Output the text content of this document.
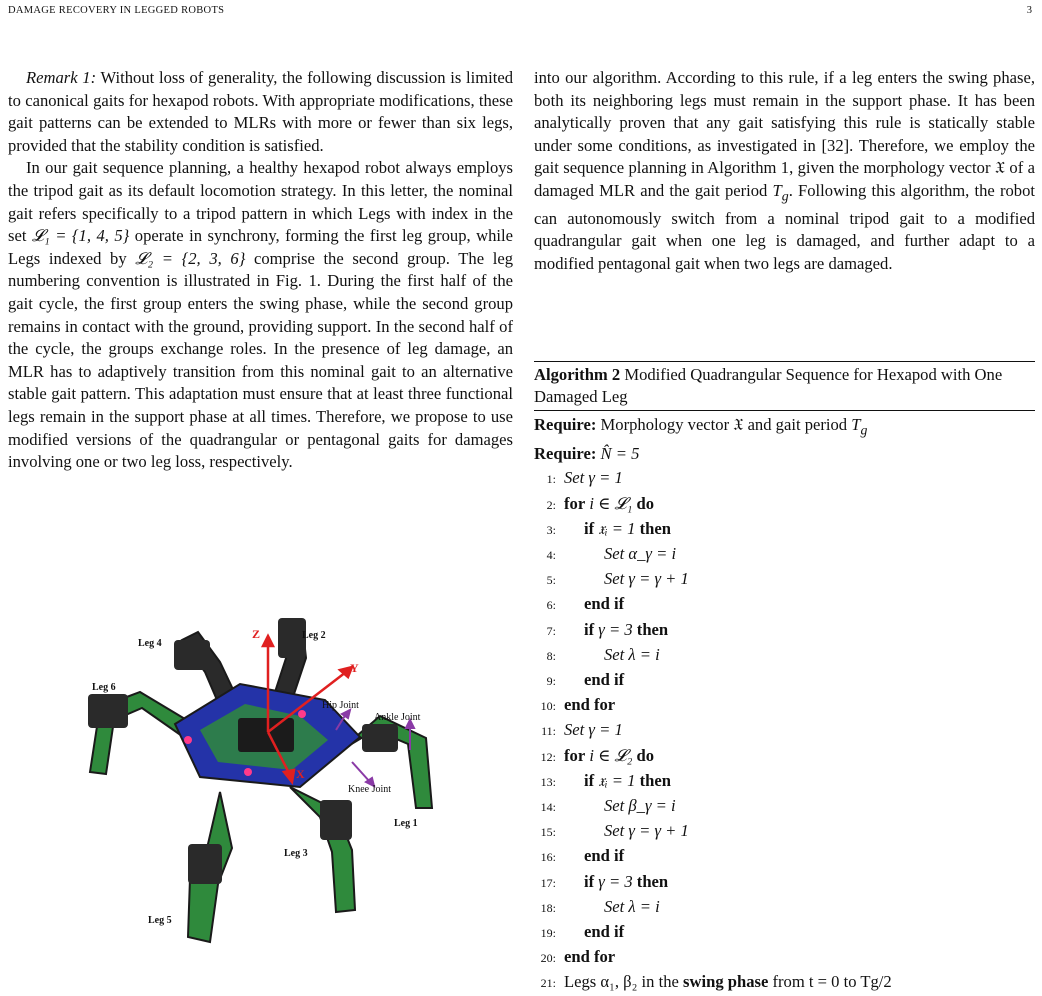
DAMAGE RECOVERY IN LEGGED ROBOTS	3

Remark 1: Without loss of generality, the following discussion is limited to canonical gaits for hexapod robots. With appropriate modifications, these gait patterns can be extended to MLRs with more or fewer than six legs, provided that the stability condition is satisfied.

In our gait sequence planning, a healthy hexapod robot always employs the tripod gait as its default locomotion strategy. In this letter, the nominal gait refers specifically to a tripod pattern in which Legs with index in the set 𝓛₁ = {1, 4, 5} operate in synchrony, forming the first leg group, while Legs indexed by 𝓛₂ = {2, 3, 6} comprise the second group. The leg numbering convention is illustrated in Fig. 1. During the first half of the gait cycle, the first group enters the swing phase, while the second group remains in contact with the ground, providing support. In the second half of the cycle, the groups exchange roles. In the presence of leg damage, an MLR has to adaptively transition from this nominal gait to an alternative stable gait pattern. This adaptation must ensure that at least three functional legs remain in the support phase at all times. Therefore, we propose to use modified versions of the quadrangular or pentagonal gaits for damages involving one or two leg loss, respectively.

into our algorithm. According to this rule, if a leg enters the swing phase, both its neighboring legs must remain in the support phase. It has been analytically proven that any gait satisfying this rule is statically stable under some conditions, as investigated in [32]. Therefore, we employ the gait sequence planning in Algorithm 1, given the morphology vector 𝔛 of a damaged MLR and the gait period $T_g$. Following this algorithm, the robot can autonomously switch from a nominal tripod gait to a modified quadrangular gait when one leg is damaged, and further adapt to a modified pentagonal gait when two legs are damaged.

Algorithm 2 Modified Quadrangular Sequence for Hexapod with One Damaged Leg
Require: Morphology vector 𝔛 and gait period $T_g$
Require: N̂ = 5
1: Set γ = 1
2: for i ∈ 𝓛₁ do
3: if 𝔵ᵢ = 1 then
4:	Set α_γ = i
5:	Set γ = γ + 1
6: end if
7: if γ = 3 then
8:	Set λ = i
9: end if
10: end for
11: Set γ = 1
12: for i ∈ 𝓛₂ do
13: if 𝔵ᵢ = 1 then
14:	Set β_γ = i
15:	Set γ = γ + 1
16: end if
17: if γ = 3 then
18:	Set λ = i
19: end if
20: end for
21: Legs α₁, β₂ in the swing phase from t = 0 to Tg/2
Z
Y
X
Hip Joint
Ankle Joint
Knee Joint
Leg 1
Leg 2
Leg 3
Leg 4
Leg 5
Leg 6
